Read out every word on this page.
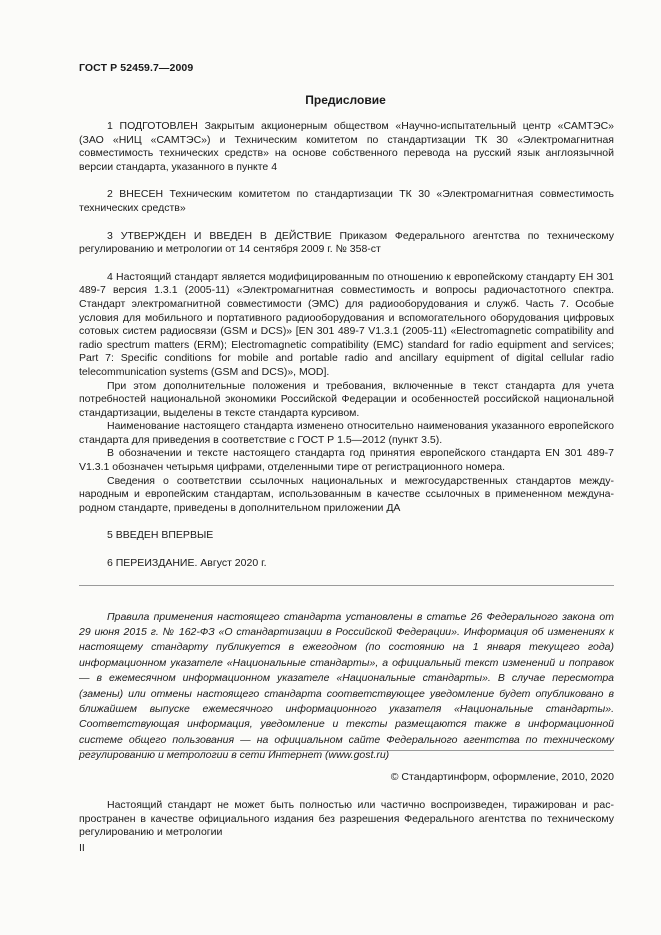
ГОСТ Р 52459.7—2009
Предисловие

1 ПОДГОТОВЛЕН Закрытым акционерным обществом «Научно-испытательный центр «САМТЭС» (ЗАО «НИЦ «САМТЭС») и Техническим комитетом по стандартизации ТК 30 «Электромагнитная совместимость технических средств» на основе собственного перевода на русский язык англоязычной версии стандарта, указанного в пункте 4

2 ВНЕСЕН Техническим комитетом по стандартизации ТК 30 «Электромагнитная совместимость технических средств»

3 УТВЕРЖДЕН И ВВЕДЕН В ДЕЙСТВИЕ Приказом Федерального агентства по техническому регулированию и метрологии от 14 сентября 2009 г. № 358-ст

4 Настоящий стандарт является модифицированным по отношению к европейскому стандарту ЕН 301 489-7 версия 1.3.1 (2005-11) «Электромагнитная совместимость и вопросы радиочастотного спектра. Стандарт электромагнитной совместимости (ЭМС) для радиооборудования и служб. Часть 7. Особые условия для мобильного и портативного радиооборудования и вспомогательного оборудования цифровых сотовых систем радиосвязи (GSM и DCS)» [EN 301 489-7 V1.3.1 (2005-11) «Electromagnetic compatibility and radio spectrum matters (ERM); Electromagnetic compatibility (EMC) standard for radio equipment and services; Part 7: Specific conditions for mobile and portable radio and ancillary equipment of digital cellular radio telecommunication systems (GSM and DCS)», MOD].

При этом дополнительные положения и требования, включенные в текст стандарта для учета потребностей национальной экономики Российской Федерации и особенностей российской национальной стандартизации, выделены в тексте стандарта курсивом.

Наименование настоящего стандарта изменено относительно наименования указанного европейского стандарта для приведения в соответствие с ГОСТ Р 1.5—2012 (пункт 3.5).

В обозначении и тексте настоящего стандарта год принятия европейского стандарта EN 301 489-7 V1.3.1 обозначен четырьмя цифрами, отделенными тире от регистрационного номера.

Сведения о соответствии ссылочных национальных и межгосударственных стандартов международным и европейским стандартам, использованным в качестве ссылочных в примененном международном стандарте, приведены в дополнительном приложении ДА

5 ВВЕДЕН ВПЕРВЫЕ

6 ПЕРЕИЗДАНИЕ. Август 2020 г.

Правила применения настоящего стандарта установлены в статье 26 Федерального закона от 29 июня 2015 г. № 162-ФЗ «О стандартизации в Российской Федерации». Информация об изменениях к настоящему стандарту публикуется в ежегодном (по состоянию на 1 января текущего года) информационном указателе «Национальные стандарты», а официальный текст изменений и поправок — в ежемесячном информационном указателе «Национальные стандарты». В случае пересмотра (замены) или отмены настоящего стандарта соответствующее уведомление будет опубликовано в ближайшем выпуске ежемесячного информационного указателя «Национальные стандарты». Соответствующая информация, уведомление и тексты размещаются также в информационной системе общего пользования — на официальном сайте Федерального агентства по техническому регулированию и метрологии в сети Интернет (www.gost.ru)

© Стандартинформ, оформление, 2010, 2020

Настоящий стандарт не может быть полностью или частично воспроизведен, тиражирован и распространен в качестве официального издания без разрешения Федерального агентства по техническому регулированию и метрологии

II
